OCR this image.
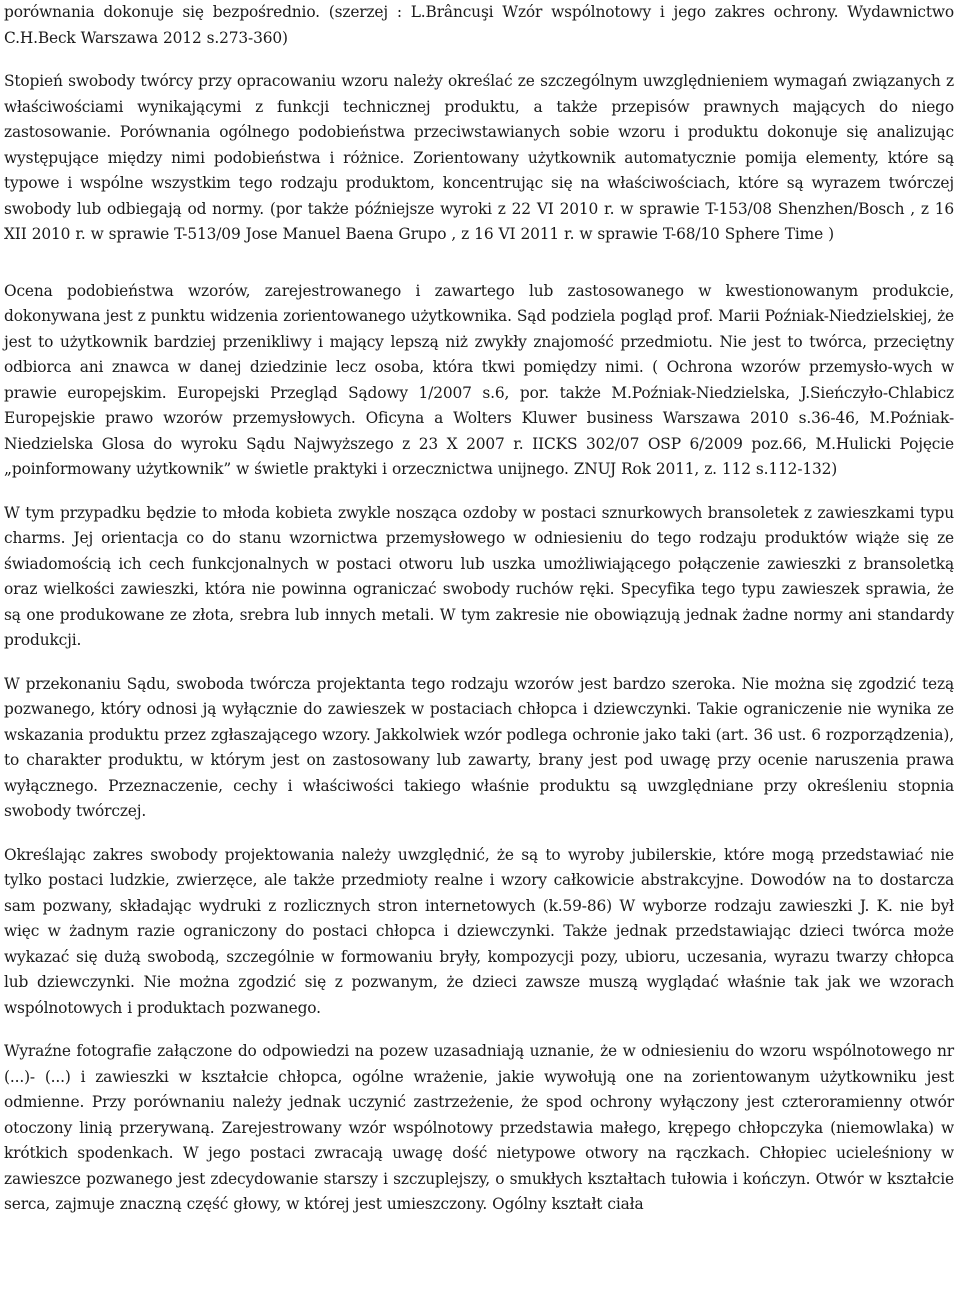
porównania dokonuje się bezpośrednio. (szerzej : L.Brâncuşi Wzór wspólnotowy i jego zakres ochrony. Wydawnictwo C.H.Beck Warszawa 2012 s.273-360)

Stopień swobody twórcy przy opracowaniu wzoru należy określać ze szczególnym uwzględnieniem wymagań związanych z właściwościami wynikającymi z funkcji technicznej produktu, a także przepisów prawnych mających do niego zastosowanie. Porównania ogólnego podobieństwa przeciwstawianych sobie wzoru i produktu dokonuje się analizując występujące między nimi podobieństwa i różnice. Zorientowany użytkownik automatycznie pomija elementy, które są typowe i wspólne wszystkim tego rodzaju produktom, koncentrując się na właściwościach, które są wyrazem twórczej swobody lub odbiegają od normy. (por także późniejsze wyroki z 22 VI 2010 r. w sprawie T-153/08 Shenzhen/Bosch , z 16 XII 2010 r. w sprawie T-513/09 Jose Manuel Baena Grupo , z 16 VI 2011 r. w sprawie T-68/10 Sphere Time )

Ocena podobieństwa wzorów, zarejestrowanego i zawartego lub zastosowanego w kwestionowanym produkcie, dokonywana jest z punktu widzenia zorientowanego użytkownika. Sąd podziela pogląd prof. Marii Poźniak-Niedzielskiej, że jest to użytkownik bardziej przenikliwy i mający lepszą niż zwykły znajomość przedmiotu. Nie jest to twórca, przeciętny odbiorca ani znawca w danej dziedzinie lecz osoba, która tkwi pomiędzy nimi. ( Ochrona wzorów przemysło-wych w prawie europejskim. Europejski Przegląd Sądowy 1/2007 s.6, por. także M.Poźniak-Niedzielska, J.Sieńczyło-Chlabicz Europejskie prawo wzorów przemysłowych. Oficyna a Wolters Kluwer business Warszawa 2010 s.36-46, M.Poźniak-Niedzielska Glosa do wyroku Sądu Najwyższego z 23 X 2007 r. IICKS 302/07 OSP 6/2009 poz.66, M.Hulicki Pojęcie „poinformowany użytkownik” w świetle praktyki i orzecznictwa unijnego. ZNUJ Rok 2011, z. 112 s.112-132)

W tym przypadku będzie to młoda kobieta zwykle nosząca ozdoby w postaci sznurkowych bransoletek z zawieszkami typu charms. Jej orientacja co do stanu wzornictwa przemysłowego w odniesieniu do tego rodzaju produktów wiąże się ze świadomością ich cech funkcjonalnych w postaci otworu lub uszka umożliwiającego połączenie zawieszki z bransoletką oraz wielkości zawieszki, która nie powinna ograniczać swobody ruchów ręki. Specyfika tego typu zawieszek sprawia, że są one produkowane ze złota, srebra lub innych metali. W tym zakresie nie obowiązują jednak żadne normy ani standardy produkcji.

W przekonaniu Sądu, swoboda twórcza projektanta tego rodzaju wzorów jest bardzo szeroka. Nie można się zgodzić tezą pozwanego, który odnosi ją wyłącznie do zawieszek w postaciach chłopca i dziewczynki. Takie ograniczenie nie wynika ze wskazania produktu przez zgłaszającego wzory. Jakkolwiek wzór podlega ochronie jako taki (art. 36 ust. 6 rozporządzenia), to charakter produktu, w którym jest on zastosowany lub zawarty, brany jest pod uwagę przy ocenie naruszenia prawa wyłącznego. Przeznaczenie, cechy i właściwości takiego właśnie produktu są uwzględniane przy określeniu stopnia swobody twórczej.

Określając zakres swobody projektowania należy uwzględnić, że są to wyroby jubilerskie, które mogą przedstawiać nie tylko postaci ludzkie, zwierzęce, ale także przedmioty realne i wzory całkowicie abstrakcyjne. Dowodów na to dostarcza sam pozwany, składając wydruki z rozlicznych stron internetowych (k.59-86) W wyborze rodzaju zawieszki J. K. nie był więc w żadnym razie ograniczony do postaci chłopca i dziewczynki. Także jednak przedstawiając dzieci twórca może wykazać się dużą swobodą, szczególnie w formowaniu bryły, kompozycji pozy, ubioru, uczesania, wyrazu twarzy chłopca lub dziewczynki. Nie można zgodzić się z pozwanym, że dzieci zawsze muszą wyglądać właśnie tak jak we wzorach wspólnotowych i produktach pozwanego.

Wyraźne fotografie załączone do odpowiedzi na pozew uzasadniają uznanie, że w odniesieniu do wzoru wspólnotowego nr (...)- (...) i zawieszki w kształcie chłopca, ogólne wrażenie, jakie wywołują one na zorientowanym użytkowniku jest odmienne. Przy porównaniu należy jednak uczynić zastrzeżenie, że spod ochrony wyłączony jest czteroramienny otwór otoczony linią przerywaną. Zarejestrowany wzór wspólnotowy przedstawia małego, krępego chłopczyka (niemowlaka) w krótkich spodenkach. W jego postaci zwracają uwagę dość nietypowe otwory na rączkach. Chłopiec ucieleśniony w zawieszce pozwanego jest zdecydowanie starszy i szczuplejszy, o smukłych kształtach tułowia i kończyn. Otwór w kształcie serca, zajmuje znaczną część głowy, w której jest umieszczony. Ogólny kształt ciała
